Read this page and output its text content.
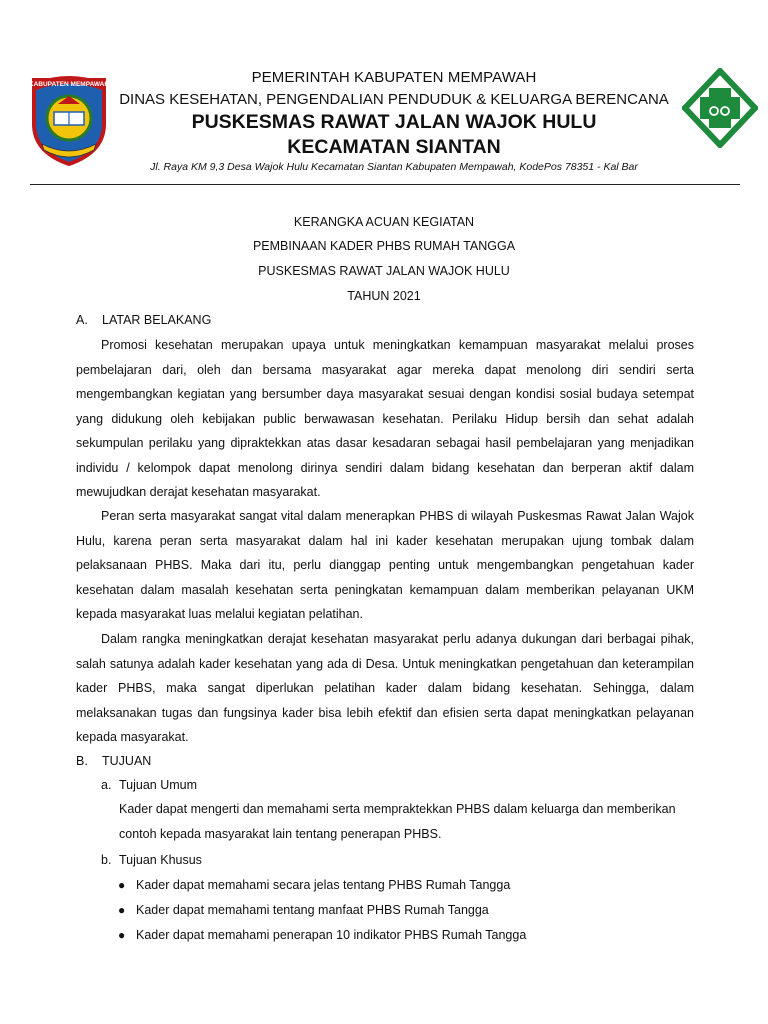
KABUPATEN MEMPAWAH	PEMERINTAH KABUPATEN MEMPAWAH
DINAS KESEHATAN, PENGENDALIAN PENDUDUK & KELUARGA BERENCANA
PUSKESMAS RAWAT JALAN WAJOK HULU
KECAMATAN SIANTAN
Jl. Raya KM 9,3 Desa Wajok Hulu Kecamatan Siantan Kabupaten Mempawah, KodePos 78351 - Kal Bar
KERANGKA ACUAN KEGIATAN
PEMBINAAN KADER PHBS RUMAH TANGGA
PUSKESMAS RAWAT JALAN WAJOK HULU
TAHUN 2021
A. LATAR BELAKANG

Promosi kesehatan merupakan upaya untuk meningkatkan kemampuan masyarakat melalui proses pembelajaran dari, oleh dan bersama masyarakat agar mereka dapat menolong diri sendiri serta mengembangkan kegiatan yang bersumber daya masyarakat sesuai dengan kondisi sosial budaya setempat yang didukung oleh kebijakan public berwawasan kesehatan. Perilaku Hidup bersih dan sehat adalah sekumpulan perilaku yang dipraktekkan atas dasar kesadaran sebagai hasil pembelajaran yang menjadikan individu / kelompok dapat menolong dirinya sendiri dalam bidang kesehatan dan berperan aktif dalam mewujudkan derajat kesehatan masyarakat.

Peran serta masyarakat sangat vital dalam menerapkan PHBS di wilayah Puskesmas Rawat Jalan Wajok Hulu, karena peran serta masyarakat dalam hal ini kader kesehatan merupakan ujung tombak dalam pelaksanaan PHBS. Maka dari itu, perlu dianggap penting untuk mengembangkan pengetahuan kader kesehatan dalam masalah kesehatan serta peningkatan kemampuan dalam memberikan pelayanan UKM kepada masyarakat luas melalui kegiatan pelatihan.

Dalam rangka meningkatkan derajat kesehatan masyarakat perlu adanya dukungan dari berbagai pihak, salah satunya adalah kader kesehatan yang ada di Desa. Untuk meningkatkan pengetahuan dan keterampilan kader PHBS, maka sangat diperlukan pelatihan kader dalam bidang kesehatan. Sehingga, dalam melaksanakan tugas dan fungsinya kader bisa lebih efektif dan efisien serta dapat meningkatkan pelayanan kepada masyarakat.

B. TUJUAN
a. Tujuan Umum

Kader dapat mengerti dan memahami serta mempraktekkan PHBS dalam keluarga dan memberikan contoh kepada masyarakat lain tentang penerapan PHBS.

b. Tujuan Khusus
● Kader dapat memahami secara jelas tentang PHBS Rumah Tangga
● Kader dapat memahami tentang manfaat PHBS Rumah Tangga
● Kader dapat memahami penerapan 10 indikator PHBS Rumah Tangga
